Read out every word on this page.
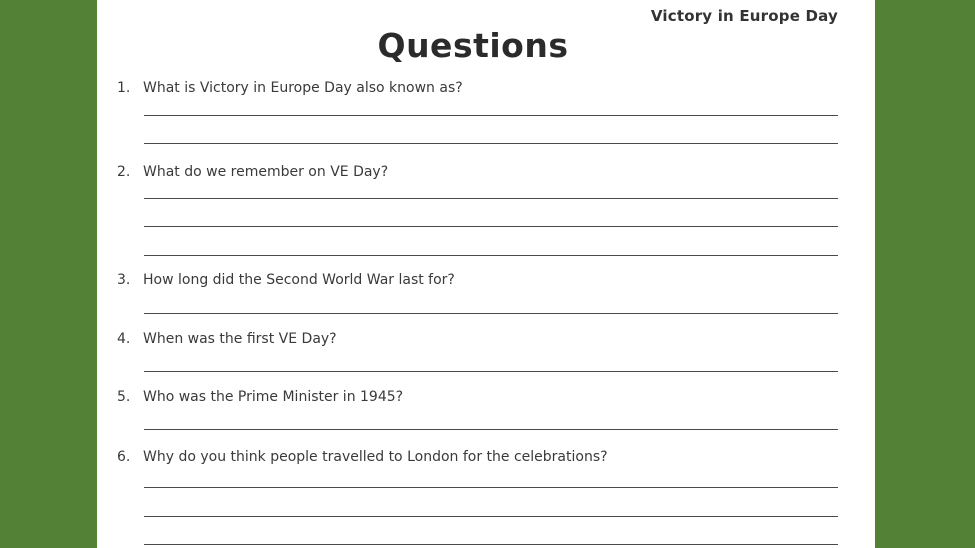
Victory in Europe Day
Questions
1. What is Victory in Europe Day also known as?
2. What do we remember on VE Day?
3. How long did the Second World War last for?
4. When was the first VE Day?
5. Who was the Prime Minister in 1945?
6. Why do you think people travelled to London for the celebrations?
